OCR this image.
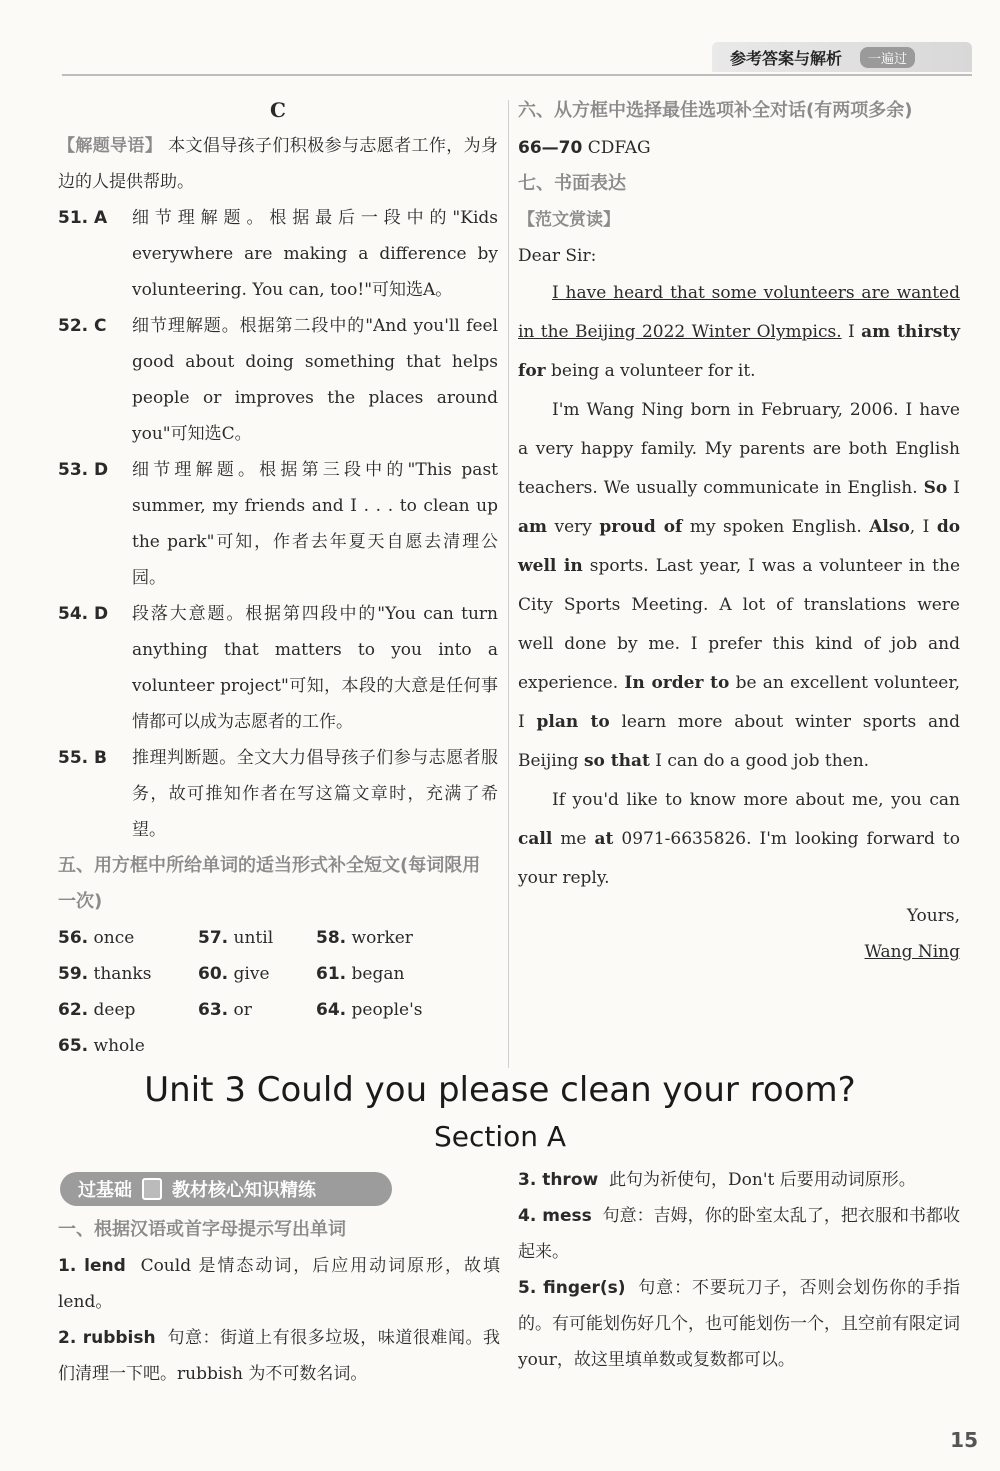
参考答案与解析	一遍过
C
【解题导语】 本文倡导孩子们积极参与志愿者工作，为身边的人提供帮助。
51. A	细节理解题。根据最后一段中的"Kids everywhere are making a difference by volunteering. You can, too!"可知选A。
52. C	细节理解题。根据第二段中的"And you'll feel good about doing something that helps people or improves the places around you"可知选C。
53. D	细节理解题。根据第三段中的"This past summer, my friends and I . . . to clean up the park"可知，作者去年夏天自愿去清理公园。
54. D	段落大意题。根据第四段中的"You can turn anything that matters to you into a volunteer project"可知，本段的大意是任何事情都可以成为志愿者的工作。
55. B	推理判断题。全文大力倡导孩子们参与志愿者服务，故可推知作者在写这篇文章时，充满了希望。
五、用方框中所给单词的适当形式补全短文(每词限用一次)
56. once	57. until	58. worker
59. thanks	60. give	61. began
62. deep	63. or	64. people's
65. whole
六、从方框中选择最佳选项补全对话(有两项多余)
66—70 CDFAG
七、书面表达
【范文赏读】
Dear Sir:
I have heard that some volunteers are wanted in the Beijing 2022 Winter Olympics. I am thirsty for being a volunteer for it.
I'm Wang Ning born in February, 2006. I have a very happy family. My parents are both English teachers. We usually communicate in English. So I am very proud of my spoken English. Also, I do well in sports. Last year, I was a volunteer in the City Sports Meeting. A lot of translations were well done by me. I prefer this kind of job and experience. In order to be an excellent volunteer, I plan to learn more about winter sports and Beijing so that I can do a good job then.
If you'd like to know more about me, you can call me at 0971-6635826. I'm looking forward to your reply.
Yours,
Wang Ning
Unit 3 Could you please clean your room?
Section A
过基础 教材核心知识精练
一、根据汉语或首字母提示写出单词
1. lend Could 是情态动词，后应用动词原形，故填 lend。
2. rubbish 句意：街道上有很多垃圾，味道很难闻。我们清理一下吧。rubbish 为不可数名词。
3. throw 此句为祈使句，Don't 后要用动词原形。
4. mess 句意：吉姆，你的卧室太乱了，把衣服和书都收起来。
5. finger(s) 句意：不要玩刀子，否则会划伤你的手指的。有可能划伤好几个，也可能划伤一个，且空前有限定词 your，故这里填单数或复数都可以。
15
